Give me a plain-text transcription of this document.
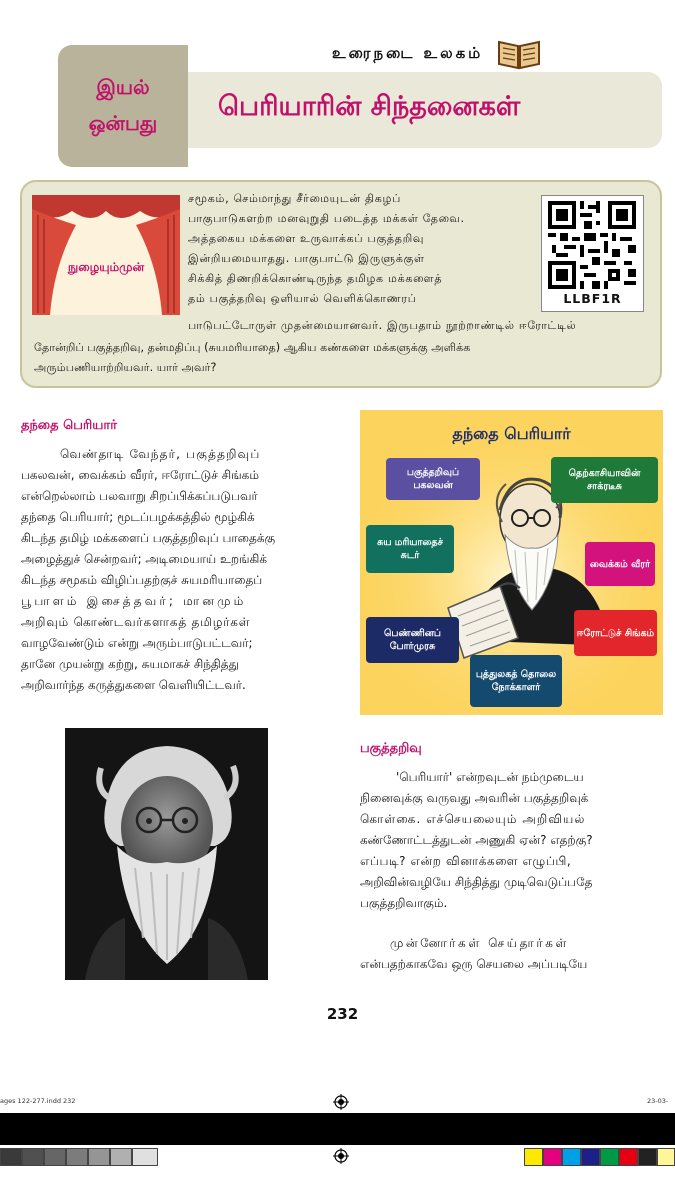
இயல்
ஒன்பது
பெரியாரின் சிந்தனைகள்
உரைநடை உலகம்
நுழையும்முன்
சமூகம், செம்மாந்து சீர்மையுடன் திகழப்
பாகுபாடுகளற்ற மனவுறுதி படைத்த மக்கள் தேவை.
அத்தகைய மக்களை உருவாக்கப் பகுத்தறிவு
இன்றியமையாதது. பாகுபாட்டு இருளுக்குள்
சிக்கித் திணறிக்கொண்டிருந்த தமிழக மக்களைத்
தம் பகுத்தறிவு ஒளியால் வெளிக்கொணரப்
பாடுபட்டோருள் முதன்மையானவர். இருபதாம் நூற்றாண்டில் ஈரோட்டில்
தோன்றிப் பகுத்தறிவு, தன்மதிப்பு (சுயமரியாதை) ஆகிய கண்களை மக்களுக்கு அளிக்க
அரும்பணியாற்றியவர். யார் அவர்?
LLBF1R
தந்தை பெரியார்
வெண்தாடி வேந்தர், பகுத்தறிவுப்
பகலவன், வைக்கம் வீரர், ஈரோட்டுச் சிங்கம்
என்றெல்லாம் பலவாறு சிறப்பிக்கப்படுபவர்
தந்தை பெரியார்; மூடப்பழக்கத்தில் மூழ்கிக்
கிடந்த தமிழ் மக்களைப் பகுத்தறிவுப் பாதைக்கு
அழைத்துச் சென்றவர்; அடிமையாய் உறங்கிக்
கிடந்த சமூகம் விழிப்பதற்குச் சுயமரியாதைப்
பூபாளம் இசைத்தவர்; மானமும்
அறிவும் கொண்டவர்களாகத் தமிழர்கள்
வாழவேண்டும் என்று அரும்பாடுபட்டவர்;
தானே முயன்று கற்று, சுயமாகச் சிந்தித்து
அறிவார்ந்த கருத்துகளை வெளியிட்டவர்.
தந்தை பெரியார்
பகுத்தறிவுப் பகலவன்
தெற்காசியாவின் சாக்ரடீசு
சுய மரியாதைச் சுடர்
வைக்கம் வீரர்
பெண்ணினப் போர்முரசு
ஈரோட்டுச் சிங்கம்
புத்துலகத் தொலை நோக்காளர்
பகுத்தறிவு
'பெரியார்' என்றவுடன் நம்முடைய
நினைவுக்கு வருவது அவரின் பகுத்தறிவுக்
கொள்கை. எச்செயலையும் அறிவியல்
கண்ணோட்டத்துடன் அணுகி ஏன்? எதற்கு?
எப்படி? என்ற வினாக்களை எழுப்பி,
அறிவின்வழியே சிந்தித்து முடிவெடுப்பதே
பகுத்தறிவாகும்.
முன்னோர்கள் செய்தார்கள்
என்பதற்காகவே ஒரு செயலை அப்படியே
232
ages 122-277.indd 232	23-03-
